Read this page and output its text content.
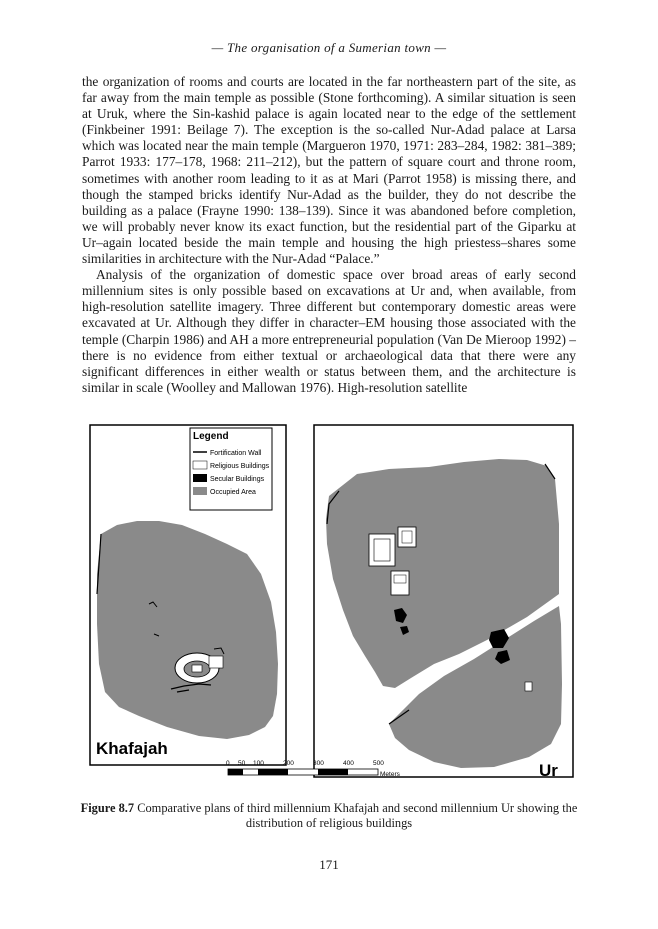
— The organisation of a Sumerian town —

the organization of rooms and courts are located in the far northeastern part of the site, as far away from the main temple as possible (Stone forthcoming). A similar situation is seen at Uruk, where the Sin-kashid palace is again located near to the edge of the settlement (Finkbeiner 1991: Beilage 7). The exception is the so-called Nur-Adad palace at Larsa which was located near the main temple (Margueron 1970, 1971: 283–284, 1982: 381–389; Parrot 1933: 177–178, 1968: 211–212), but the pattern of square court and throne room, sometimes with another room leading to it as at Mari (Parrot 1958) is missing there, and though the stamped bricks identify Nur-Adad as the builder, they do not describe the building as a palace (Frayne 1990: 138–139). Since it was abandoned before completion, we will probably never know its exact function, but the residential part of the Giparku at Ur–again located beside the main temple and housing the high priestess–shares some similarities in architecture with the Nur-Adad “Palace.”

Analysis of the organization of domestic space over broad areas of early second millennium sites is only possible based on excavations at Ur and, when available, from high-resolution satellite imagery. Three different but contemporary domestic areas were excavated at Ur. Although they differ in character–EM housing those associated with the temple (Charpin 1986) and AH a more entrepreneurial population (Van De Mieroop 1992) – there is no evidence from either textual or archaeological data that there were any significant differences in either wealth or status between them, and the architecture is similar in scale (Woolley and Mallowan 1976). High-resolution satellite

Legend
Fortification Wall
Religious Buildings
Secular Buildings
Occupied Area
Khafajah
Ur
0 50 100	200	300	400	500
Meters
Figure 8.7 Comparative plans of third millennium Khafajah and second millennium Ur showing the distribution of religious buildings
171
